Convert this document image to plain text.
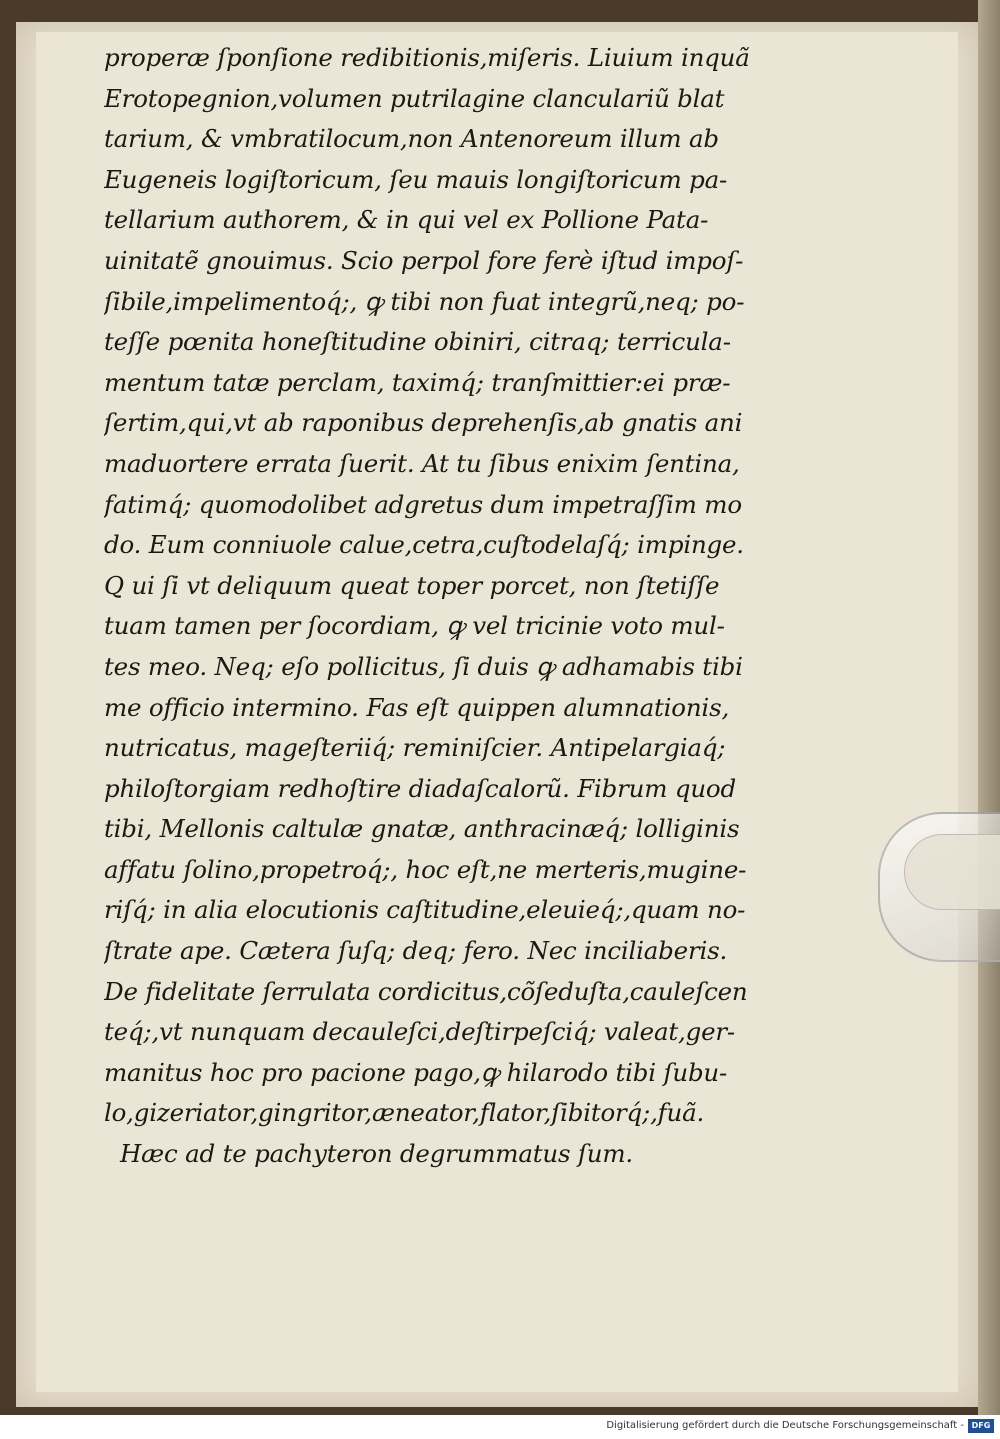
properæ ſponſione redibitionis,miſeris. Liuium inquã
Erotopegnion,volumen putrilagine clanculariũ blat
tarium, & vmbratilocum,non Antenoreum illum ab
Eugeneis logiſtoricum, ſeu mauis longiſtoricum pa-
tellarium authorem, & in qui vel ex Pollione Pata-
uinitatẽ gnouimus. Scio perpol fore ferè iſtud impoſ-
ſibile,impelimentoq́;, ꝙ tibi non fuat integrũ,neq; po-
teſſe pœnita honeſtitudine obiniri, citraq; terricula-
mentum tatæ perclam, taximq́; tranſmittier:ei præ-
ſertim,qui,vt ab raponibus deprehenſis,ab gnatis ani
maduortere errata ſuerit. At tu ſibus enixim ſentina,
fatimq́; quomodolibet adgretus dum impetraſſim mo
do. Eum conniuole calue,cetra,cuſtodelaſq́; impinge.
Q ui ſi vt deliquum queat toper porcet, non ſtetiſſe
tuam tamen per ſocordiam, ꝙ vel tricinie voto mul-
tes meo. Neq; eſo pollicitus, ſi duis ꝙ adhamabis tibi
me officio intermino. Fas eſt quippen alumnationis,
nutricatus, mageſteriiq́; reminiſcier. Antipelargiaq́;
philoſtorgiam redhoſtire diadaſcalorũ. Fibrum quod
tibi, Mellonis caltulæ gnatæ, anthracinæq́; lolliginis
affatu ſolino,propetroq́;, hoc eſt,ne merteris,mugine-
riſq́; in alia elocutionis caſtitudine,eleuieq́;,quam no-
ſtrate ape. Cætera ſuſq; deq; fero. Nec inciliaberis.
De fidelitate ſerrulata cordicitus,cõſeduſta,cauleſcen
teq́;,vt nunquam decauleſci,deſtirpeſciq́; valeat,ger-
manitus hoc pro pacione pago,ꝙ hilarodo tibi ſubu-
lo,gizeriator,gingritor,æneator,flator,ſibitorq́;,fuã.
Hæc ad te pachyteron degrummatus ſum.
Digitalisierung gefördert durch die Deutsche Forschungsgemeinschaft - DFG
